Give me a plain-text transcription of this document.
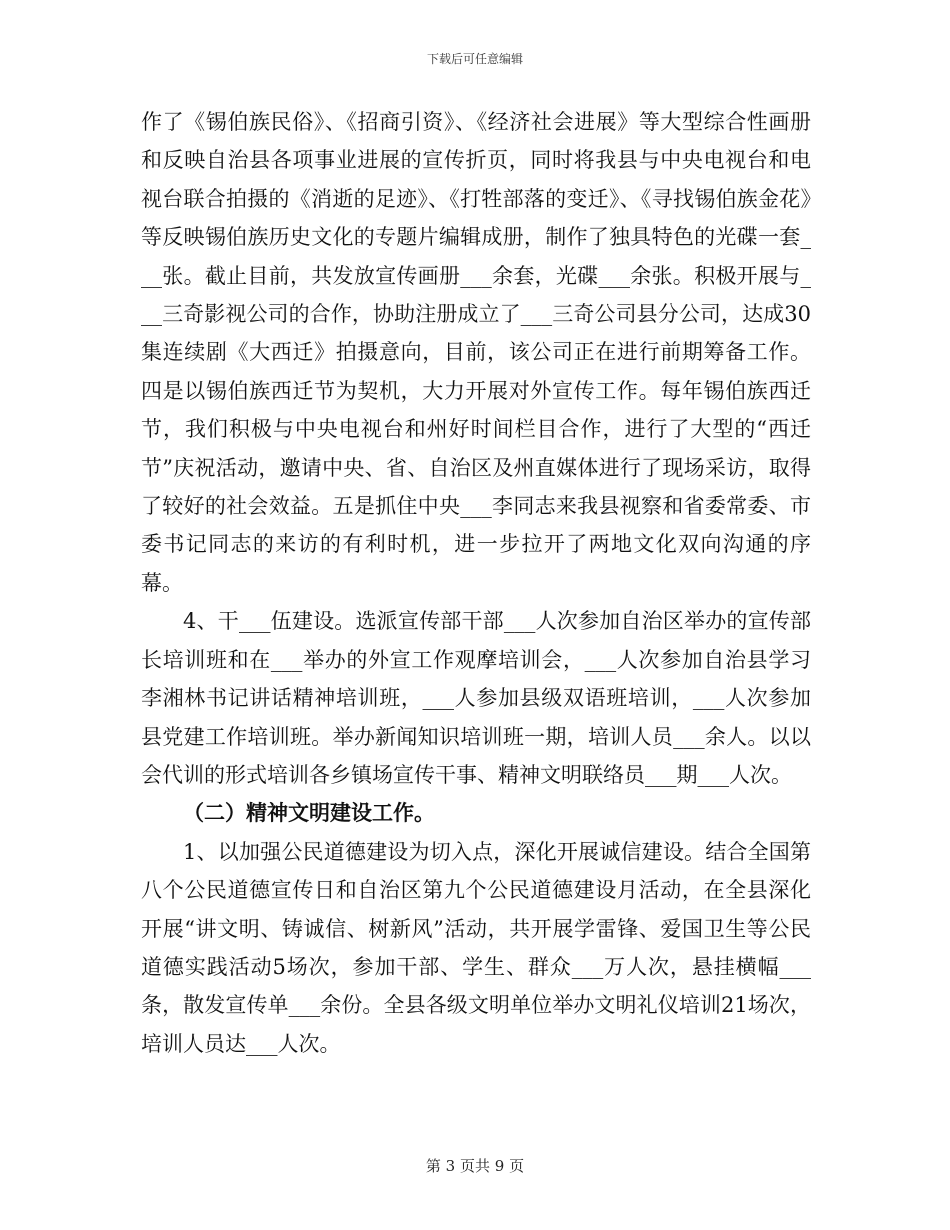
下载后可任意编辑

作了《锡伯族民俗》、《招商引资》、《经济社会进展》等大型综合性画册和反映自治县各项事业进展的宣传折页，同时将我县与中央电视台和电视台联合拍摄的《消逝的足迹》、《打牲部落的变迁》、《寻找锡伯族金花》等反映锡伯族历史文化的专题片编辑成册，制作了独具特色的光碟一套___张。截止目前，共发放宣传画册___余套，光碟___余张。积极开展与___三奇影视公司的合作，协助注册成立了___三奇公司县分公司，达成30集连续剧《大西迁》拍摄意向，目前，该公司正在进行前期筹备工作。四是以锡伯族西迁节为契机，大力开展对外宣传工作。每年锡伯族西迁节，我们积极与中央电视台和州好时间栏目合作，进行了大型的“西迁节”庆祝活动，邀请中央、省、自治区及州直媒体进行了现场采访，取得了较好的社会效益。五是抓住中央___李同志来我县视察和省委常委、市委书记同志的来访的有利时机，进一步拉开了两地文化双向沟通的序幕。

4、干___伍建设。选派宣传部干部___人次参加自治区举办的宣传部长培训班和在___举办的外宣工作观摩培训会，___人次参加自治县学习李湘林书记讲话精神培训班，___人参加县级双语班培训，___人次参加县党建工作培训班。举办新闻知识培训班一期，培训人员___余人。以以会代训的形式培训各乡镇场宣传干事、精神文明联络员___期___人次。

（二）精神文明建设工作。

1、以加强公民道德建设为切入点，深化开展诚信建设。结合全国第八个公民道德宣传日和自治区第九个公民道德建设月活动，在全县深化开展“讲文明、铸诚信、树新风”活动，共开展学雷锋、爱国卫生等公民道德实践活动5场次，参加干部、学生、群众___万人次，悬挂横幅___条，散发宣传单___余份。全县各级文明单位举办文明礼仪培训21场次，培训人员达___人次。

第 3 页共 9 页
